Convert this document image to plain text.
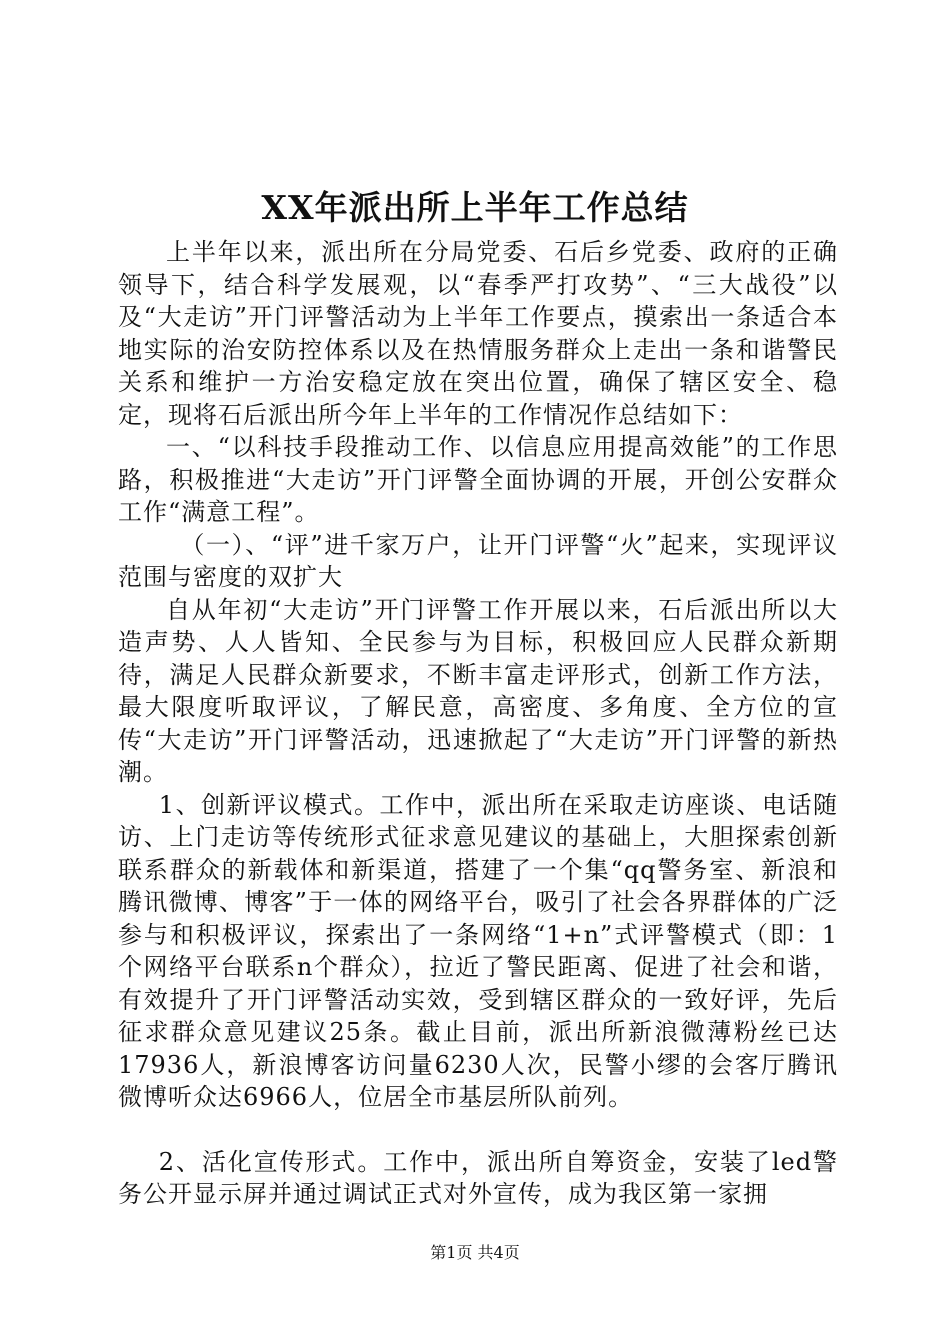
XX年派出所上半年工作总结

上半年以来，派出所在分局党委、石后乡党委、政府的正确领导下，结合科学发展观，以“春季严打攻势”、“三大战役”以及“大走访”开门评警活动为上半年工作要点，摸索出一条适合本地实际的治安防控体系以及在热情服务群众上走出一条和谐警民关系和维护一方治安稳定放在突出位置，确保了辖区安全、稳定，现将石后派出所今年上半年的工作情况作总结如下：

一、“以科技手段推动工作、以信息应用提高效能”的工作思路，积极推进“大走访”开门评警全面协调的开展，开创公安群众工作“满意工程”。

（一）、“评”进千家万户，让开门评警“火”起来，实现评议范围与密度的双扩大

自从年初“大走访”开门评警工作开展以来，石后派出所以大造声势、人人皆知、全民参与为目标，积极回应人民群众新期待，满足人民群众新要求，不断丰富走评形式，创新工作方法，最大限度听取评议，了解民意，高密度、多角度、全方位的宣传“大走访”开门评警活动，迅速掀起了“大走访”开门评警的新热潮。

1、创新评议模式。工作中，派出所在采取走访座谈、电话随访、上门走访等传统形式征求意见建议的基础上，大胆探索创新联系群众的新载体和新渠道，搭建了一个集“qq警务室、新浪和腾讯微博、博客”于一体的网络平台，吸引了社会各界群体的广泛参与和积极评议，探索出了一条网络“1+n”式评警模式（即：1个网络平台联系n个群众），拉近了警民距离、促进了社会和谐，有效提升了开门评警活动实效，受到辖区群众的一致好评，先后征求群众意见建议25条。截止目前，派出所新浪微薄粉丝已达17936人，新浪博客访问量6230人次，民警小缪的会客厅腾讯微博听众达6966人，位居全市基层所队前列。

2、活化宣传形式。工作中，派出所自筹资金，安装了led警务公开显示屏并通过调试正式对外宣传，成为我区第一家拥

第1页 共4页
